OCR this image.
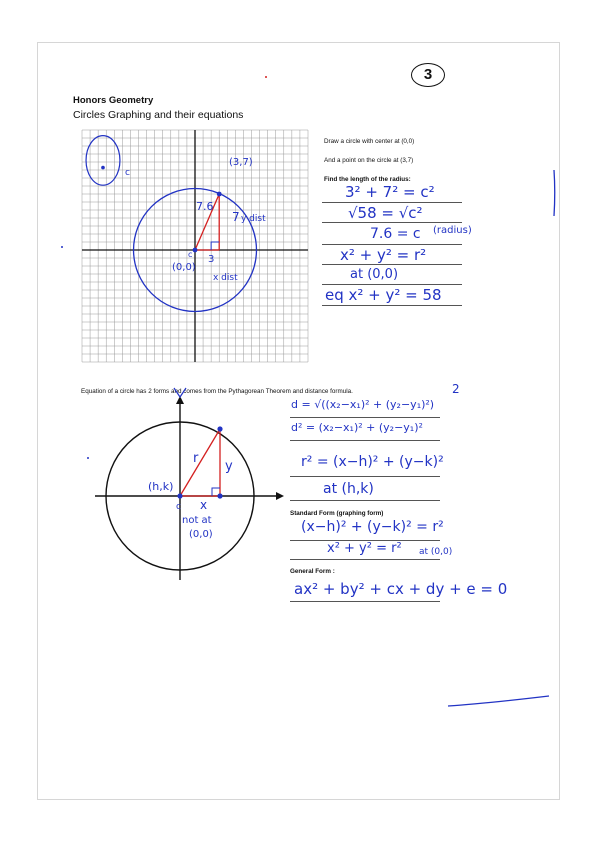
3
Honors Geometry
Circles Graphing and their equations
c
(3,7)
(0,0)
c
7.6
3
7 y dist
x dist
Draw a circle with center at (0,0)
And a point on the circle at (3,7)
Find the length of the radius:
3² + 7² = c²
√58 = √c²
7.6 = c (radius)
x² + y² = r²
at (0,0)
eq x² + y² = 58
Equation of a circle has 2 forms and comes from the Pythagorean Theorem and distance formula.
(h,k)
r
y
x
c
not at
(0,0)
d = √((x₂−x₁)² + (y₂−y₁)²)
2
d² = (x₂−x₁)² + (y₂−y₁)²
r² = (x−h)² + (y−k)²
at (h,k)
Standard Form (graphing form)
(x−h)² + (y−k)² = r²
x² + y² = r² at (0,0)
General Form :
ax² + by² + cx + dy + e = 0
